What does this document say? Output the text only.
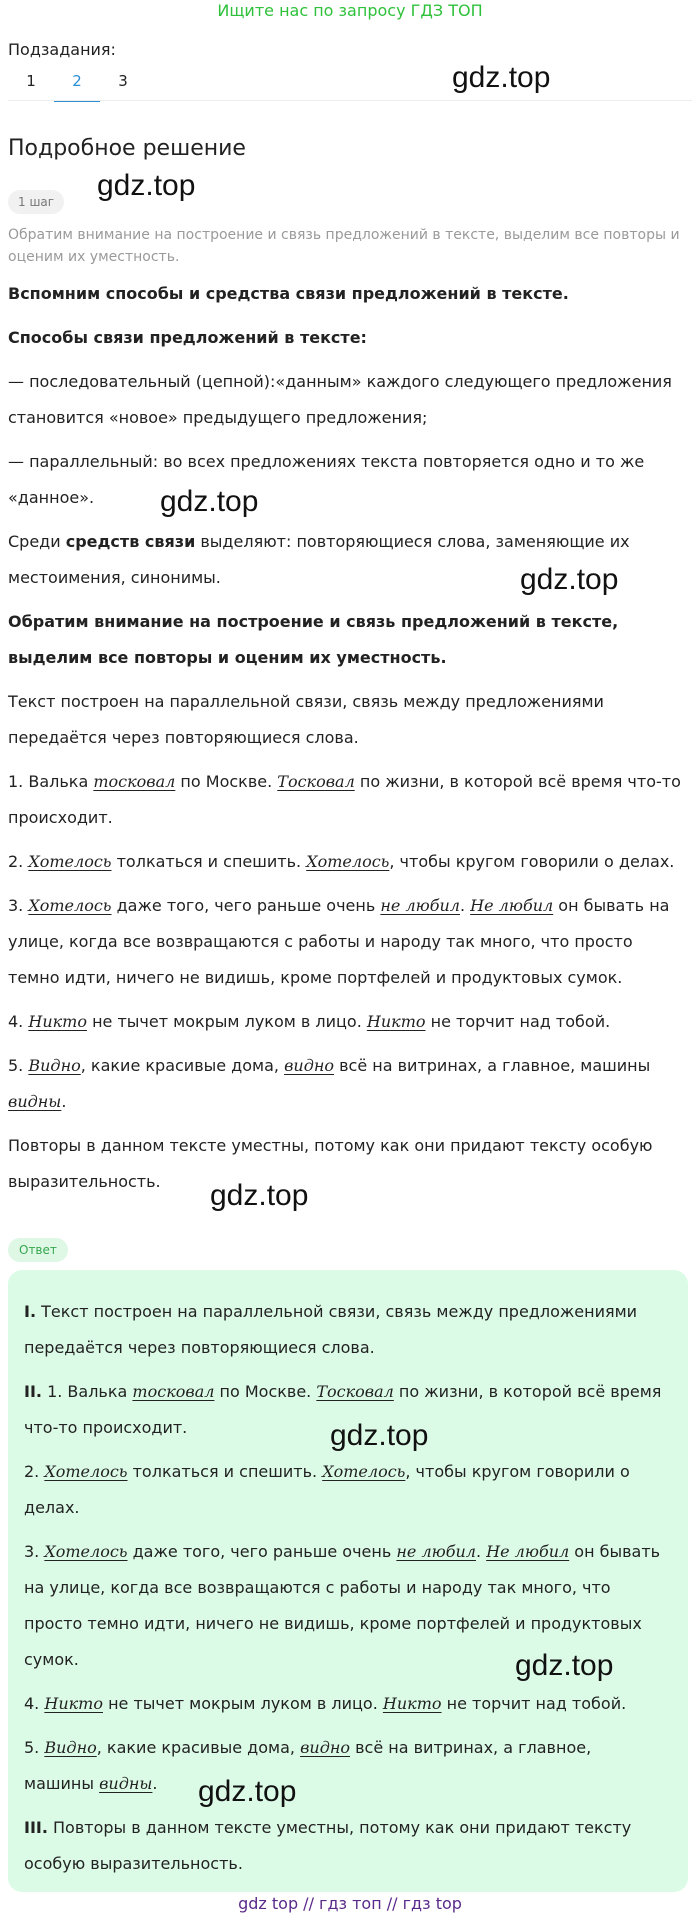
Ищите нас по запросу ГДЗ ТОП
Подзадания:
1	2	3	gdz.top
Подробное решение
1 шаг	gdz.top

Обратим внимание на построение и связь предложений в тексте, выделим все повторы и оценим их уместность.

Вспомним способы и средства связи предложений в тексте.

Способы связи предложений в тексте:

— последовательный (цепной):«данным» каждого следующего предложения становится «новое» предыдущего предложения;

— параллельный: во всех предложениях текста повторяется одно и то же «данное».

Среди средств связи выделяют: повторяющиеся слова, заменяющие их местоимения, синонимы.

Обратим внимание на построение и связь предложений в тексте, выделим все повторы и оценим их уместность.

Текст построен на параллельной связи, связь между предложениями передаётся через повторяющиеся слова.

1. Валька тосковал по Москве. Тосковал по жизни, в которой всё время что-то происходит.

2. Хотелось толкаться и спешить. Хотелось, чтобы кругом говорили о делах.

3. Хотелось даже того, чего раньше очень не любил. Не любил он бывать на улице, когда все возвращаются с работы и народу так много, что просто темно идти, ничего не видишь, кроме портфелей и продуктовых сумок.

4. Никто не тычет мокрым луком в лицо. Никто не торчит над тобой.

5. Видно, какие красивые дома, видно всё на витринах, а главное, машины видны.

Повторы в данном тексте уместны, потому как они придают тексту особую выразительность.

gdz.top
gdz.top
gdz.top
Ответ

I. Текст построен на параллельной связи, связь между предложениями передаётся через повторяющиеся слова.

II. 1. Валька тосковал по Москве. Тосковал по жизни, в которой всё время что-то происходит.

2. Хотелось толкаться и спешить. Хотелось, чтобы кругом говорили о делах.

3. Хотелось даже того, чего раньше очень не любил. Не любил он бывать на улице, когда все возвращаются с работы и народу так много, что просто темно идти, ничего не видишь, кроме портфелей и продуктовых сумок.

4. Никто не тычет мокрым луком в лицо. Никто не торчит над тобой.

5. Видно, какие красивые дома, видно всё на витринах, а главное, машины видны.

III. Повторы в данном тексте уместны, потому как они придают тексту особую выразительность.

gdz.top
gdz.top
gdz.top
gdz top // гдз топ // гдз top
